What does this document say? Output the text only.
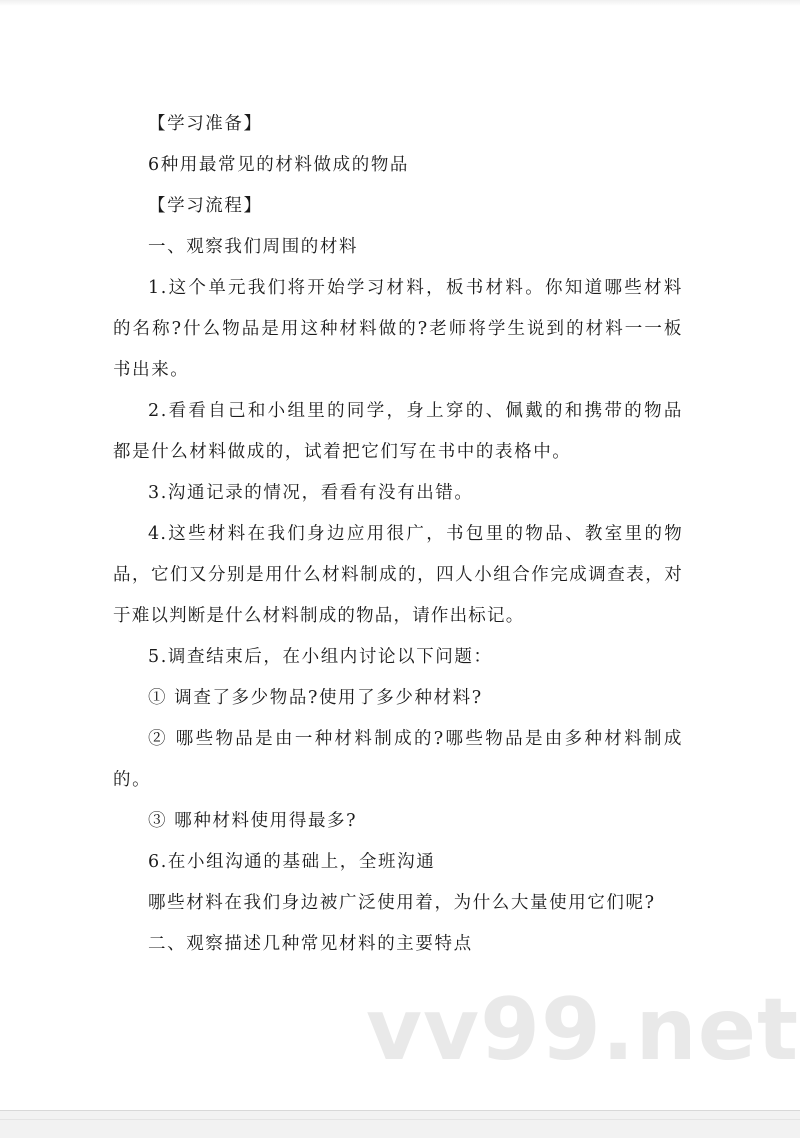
【学习准备】

6种用最常见的材料做成的物品

【学习流程】

一、观察我们周围的材料

1.这个单元我们将开始学习材料，板书材料。你知道哪些材料的名称?什么物品是用这种材料做的?老师将学生说到的材料一一板书出来。

2.看看自己和小组里的同学，身上穿的、佩戴的和携带的物品都是什么材料做成的，试着把它们写在书中的表格中。

3.沟通记录的情况，看看有没有出错。

4.这些材料在我们身边应用很广，书包里的物品、教室里的物品，它们又分别是用什么材料制成的，四人小组合作完成调查表，对于难以判断是什么材料制成的物品，请作出标记。

5.调查结束后，在小组内讨论以下问题：

① 调查了多少物品?使用了多少种材料?

② 哪些物品是由一种材料制成的?哪些物品是由多种材料制成的。

③ 哪种材料使用得最多?

6.在小组沟通的基础上，全班沟通

哪些材料在我们身边被广泛使用着，为什么大量使用它们呢?

二、观察描述几种常见材料的主要特点

vv99.net
